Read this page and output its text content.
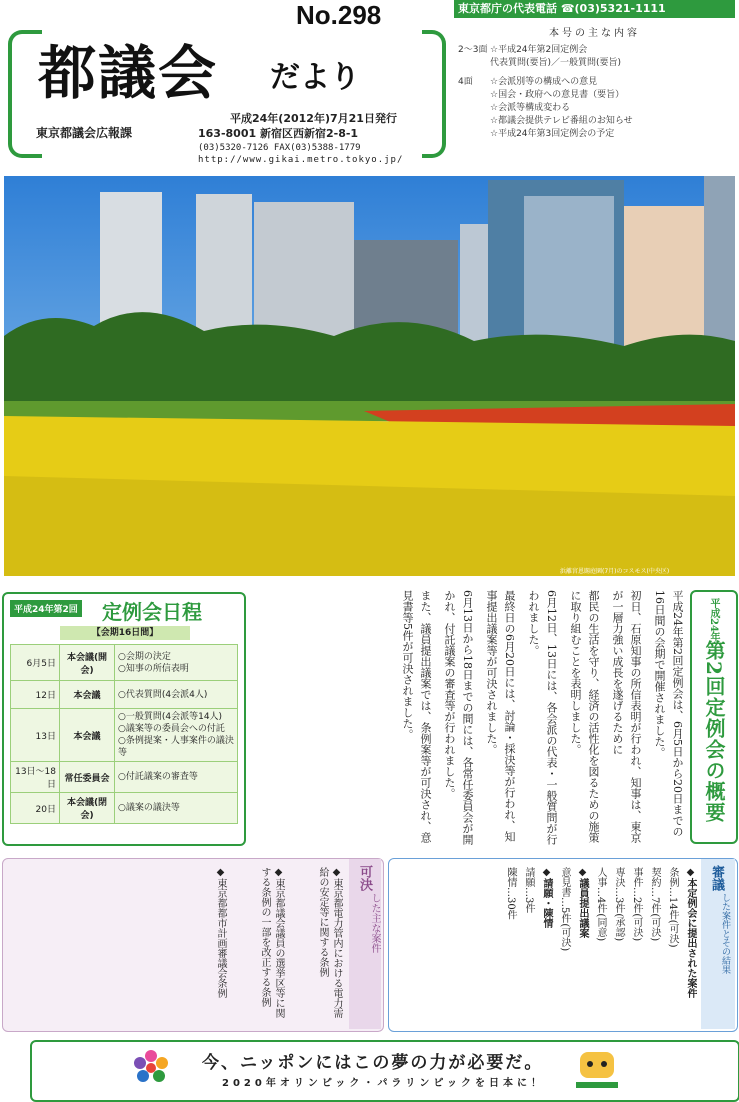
No.298
都議会 だより
東京都議会広報課
平成24年(2012年)7月21日発行
163-8001 新宿区西新宿2-8-1
(03)5320-7126 FAX(03)5388-1779
http://www.gikai.metro.tokyo.jp/
東京都庁の代表電話 ☎(03)5321-1111
本号の主な内容
2～3面 ☆平成24年第2回定例会
代表質問(要旨)／一般質問(要旨)
4面	☆会派別等の構成への意見
☆国会・政府への意見書（要旨）
☆会派等構成変わる
☆都議会提供テレビ番組のお知らせ
☆平成24年第3回定例会の予定
浜離宮恩賜庭園(7月)のコスモス(中央区)
平成24年第2回 定例会日程
【会期16日間】
6月5日	本会議(開会)	○会期の決定
○知事の所信表明

12日	本会議	○代表質問(4会派4人)

13日	本会議	○一般質問(4会派等14人)
○議案等の委員会への付託
○条例提案・人事案件の議決等

13日～18日	常任委員会	○付託議案の審査等

20日	本会議(閉会)	○議案の議決等	平成24年第2回定例会は、6月5日から20日までの16日間の会期で開催されました。

初日、石原知事の所信表明が行われ、知事は、東京が一層力強い成長を遂げるために

都民の生活を守り、経済の活性化を図るための施策に取り組むことを表明しました。

6月12日、13日には、各会派の代表・一般質問が行われました。

最終日の6月20日には、討論・採決等が行われ、知事提出議案等が可決されました。

6月13日から18日までの間には、各常任委員会が開かれ、付託議案の審査等が行われました。

また、議員提出議案では、条例案等が可決され、意見書等5件が可決されました。	平成24年
第2回定例会の概要
可決
した主な案件

◆東京都電力管内における電力需給の安定等に関する条例

◆東京都議会議員の選挙区等に関する条例の一部を改正する条例

◆東京都都市計画審議会条例	審議
した案件とその結果

◆本定例会に提出された案件

条例…14件(可決)

契約…7件(可決)

事件…2件(可決)

専決…3件(承認)

人事…4件(同意)

◆議員提出議案

意見書…5件(可決)

◆請願・陳情

請願…3件

陳情…30件

今、ニッポンにはこの夢の力が必要だ。
2020年オリンピック・パラリンピックを日本に！
